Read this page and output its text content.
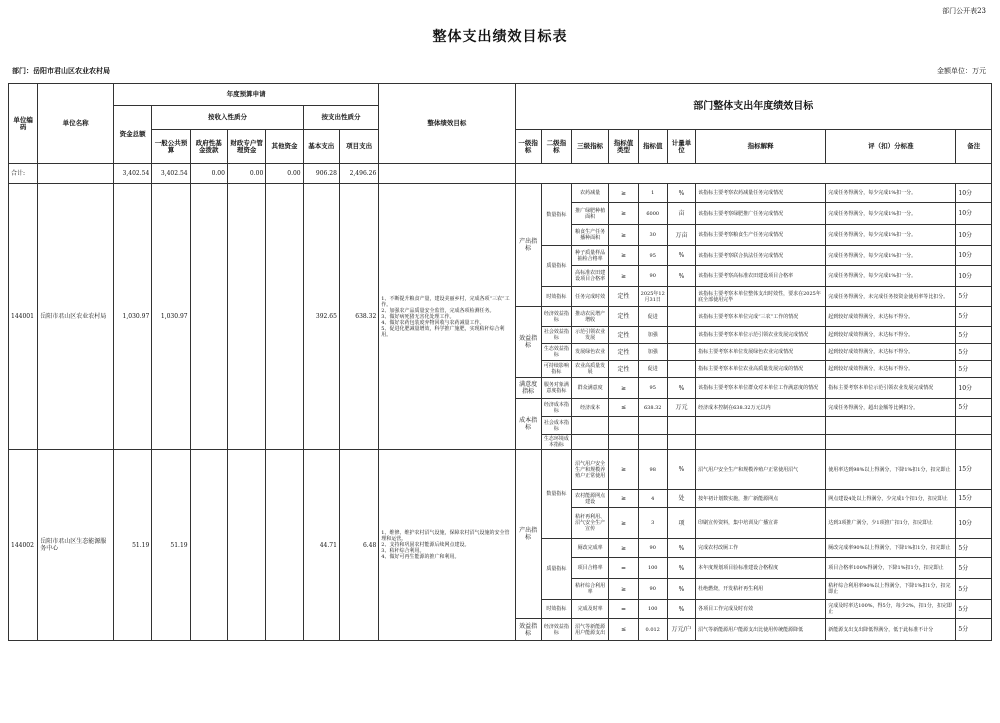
部门公开表23
整体支出绩效目标表
部门：岳阳市君山区农业农村局	金额单位：万元
单位编码	单位名称	年度预算申请							整体绩效目标	部门整体支出年度绩效目标								
		资金总额	按收入性质分				按支出性质分											
			一般公共预算	政府性基金拨款	财政专户管理资金	其他资金	基本支出	项目支出		一级指标	二级指标	三级指标	指标值类型	指标值	计量单位	指标解释	评（扣）分标准	备注
合计:		3,402.54	3,402.54	0.00	0.00	0.00	906.28	2,496.26										
144001	岳阳市君山区农业农村局	1,030.97	1,030.97				392.65	638.32	1、不断提升粮食产量，建设美丽乡村，完成各项“三农”工作。
2、加强农产品质量安全监管，完成各项检测任务。
3、做好病死猪无害化处理工作。
4、做好农药包装废弃物回收与农药减量工作。
5、促进化肥减量增效，科学推广施肥，实现秸秆综合利用。	产出指标	数量指标	农药减量	≥	1	%	该指标主要考察农药减量任务完成情况	完成任务得满分，每少完成1%扣一分。	10分
												推广绿肥种植面积	≥	6000	亩	该指标主要考察绿肥推广任务完成情况	完成任务得满分，每少完成1%扣一分。	10分
												粮食生产任务播种面积	≥	30	万亩	该指标主要考察粮食生产任务完成情况	完成任务得满分，每少完成1%扣一分。	10分
											质量指标	种子质量样品抽检合格率	≥	95	%	该指标主要考察联合执法任务完成情况	完成任务得满分，每少完成1%扣一分。	10分
												高标准农田建设项目合格率	≥	90	%	该指标主要考察高标准农田建设项目合格率	完成任务得满分，每少完成1%扣一分。	10分
											时效指标	任务完成时效	定性	2025年12月31日		该指标主要考察本单位整体支出时效性，要求在2025年底全部使用完毕	完成任务得满分，未完成任务按资金使用率等比扣分。	5分
										效益指标	经济效益指标	推动农民增产增收	定性	促进		该指标主要考察本单位完成“三农”工作的情况	起到较好成效得满分，未达标不得分。	5分
											社会效益指标	示范引领农业发展	定性	加强		该指标主要考察本单位示范引领农业发展完成情况	起到较好成效得满分，未达标不得分。	5分
											生态效益指标	发展绿色农业	定性	加强		指标主要考察本单位发展绿色农业完成情况	起到较好成效得满分，未达标不得分。	5分
											可持续影响指标	农业高质量发展	定性	促进		指标主要考察本单位农业高质量发展完成的情况	起到较好成效得满分，未达标不得分。	5分
										满意度指标	服务对象满意度指标	群众满意度	≥	95	%	该指标主要考察本单位群众对本单位工作满意度的情况	指标主要考察本单位示范引领农业发展完成情况	10分
										成本指标	经济成本指标	经济成本	≤	638.32	万元	经济成本控制在638.32万元以内	完成任务得满分，超出金额等比例扣分。	5分
											社会成本指标							
											生态环境成本指标							
144002	岳阳市君山区生态能源服务中心	51.19	51.19				44.71	6.48	1、维修、维护农村沼气设施，保障农村沼气设施的安全管理和运营。
2、支持和巩固农村能源后续网点建设。
3、秸秆综合利用。
4、做好可再生能源的推广和利用。	产出指标	数量指标	沼气用户安全生产和规模养殖户正常使用	≥	98	%	沼气用户安全生产和规模养殖户正常使用沼气	使用率达到98%以上得满分，下降1%扣1分，扣完即止	15分
												农村能源网点建设	≥	4	处	按年初计划数实施，推广新能源网点	网点建设4处以上得满分，少完成1个扣1分，扣完即止	15分
												秸秆再利用、沼气安全生产宣传	≥	3	项	印刷宣传资料，集中培训及广播宣讲	达到3项推广满分，少1项推广扣1分，扣完即止	10分
											质量指标	厕改完成率	≥	90	%	完成农村改厕工作	厕改完成率90%以上得满分，下降1%扣1分，扣完即止	5分
												项目合格率	=	100	%	本年度规划项目验标准建设合格程度	项目合格率100%得满分，下降1%扣1分，扣完即止	5分
												秸秆综合利用率	≥	90	%	杜绝燃烧，开发秸秆再生利用	秸秆综合利用率90%以上得满分，下降1%扣1分，扣完即止	5分
											时效指标	完成及时率	=	100	%	各项目工作完成及时有效	完成及时率达100%，得5分，每少2%，扣1分，扣完即止	5分
										效益指标	经济效益指标	沼气等新能源用户能源支出	≤	0.012	万元/户	沼气等新能源用户能源支出比使用传统能源降低	新能源支出支出降低得满分，低于此标准不计分	5分
